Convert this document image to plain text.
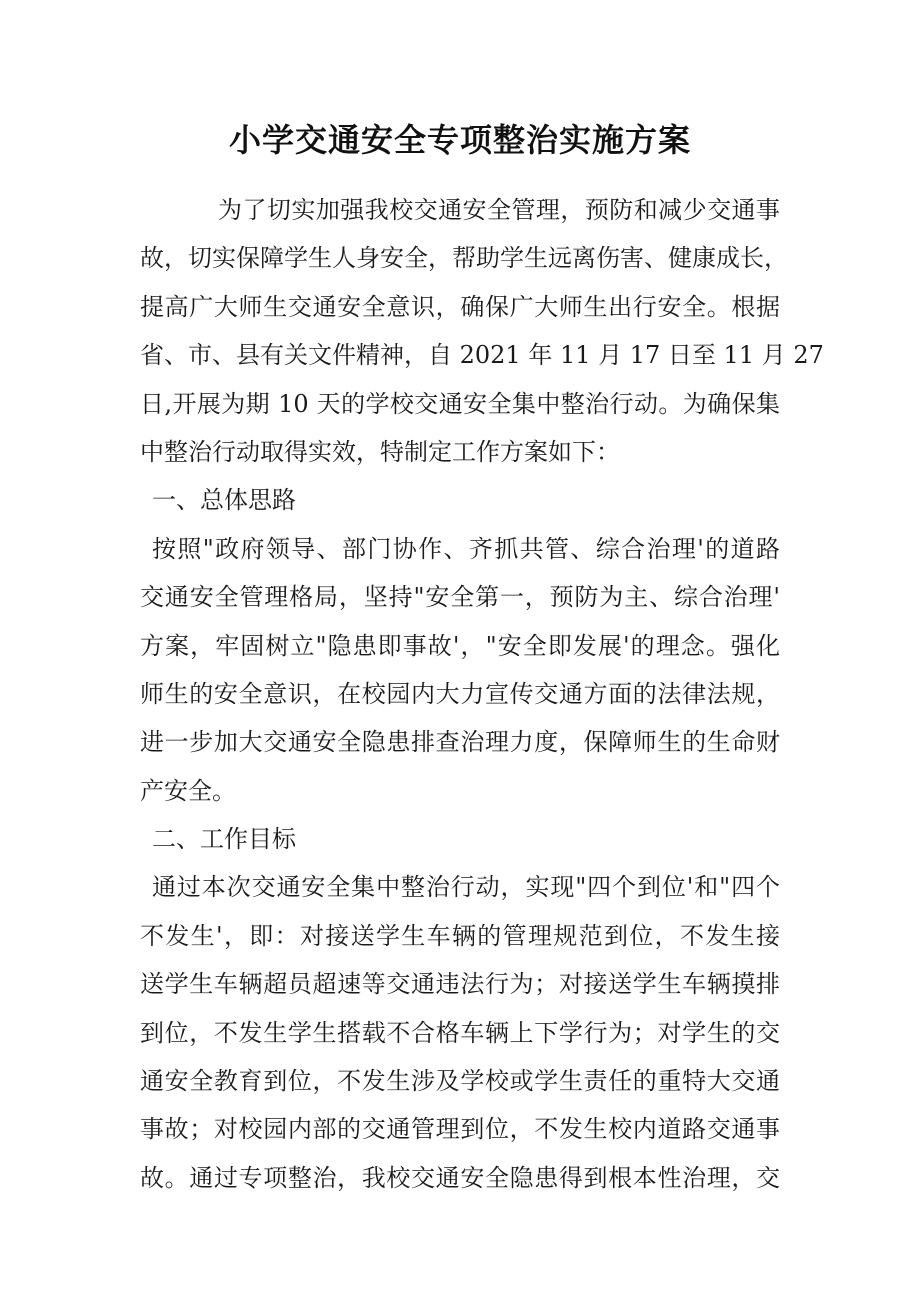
小学交通安全专项整治实施方案
为了切实加强我校交通安全管理，预防和减少交通事
故，切实保障学生人身安全，帮助学生远离伤害、健康成长，
提高广大师生交通安全意识，确保广大师生出行安全。根据
省、市、县有关文件精神，自 2021 年 11 月 17 日至 11 月 27
日,开展为期 10 天的学校交通安全集中整治行动。为确保集
中整治行动取得实效，特制定工作方案如下：
一、总体思路
按照"政府领导、部门协作、齐抓共管、综合治理'的道路
交通安全管理格局，坚持"安全第一，预防为主、综合治理'
方案，牢固树立"隐患即事故'，"安全即发展'的理念。强化
师生的安全意识，在校园内大力宣传交通方面的法律法规，
进一步加大交通安全隐患排查治理力度，保障师生的生命财
产安全。
二、工作目标
通过本次交通安全集中整治行动，实现"四个到位'和"四个
不发生'，即：对接送学生车辆的管理规范到位，不发生接
送学生车辆超员超速等交通违法行为；对接送学生车辆摸排
到位，不发生学生搭载不合格车辆上下学行为；对学生的交
通安全教育到位，不发生涉及学校或学生责任的重特大交通
事故；对校园内部的交通管理到位，不发生校内道路交通事
故。通过专项整治，我校交通安全隐患得到根本性治理，交
